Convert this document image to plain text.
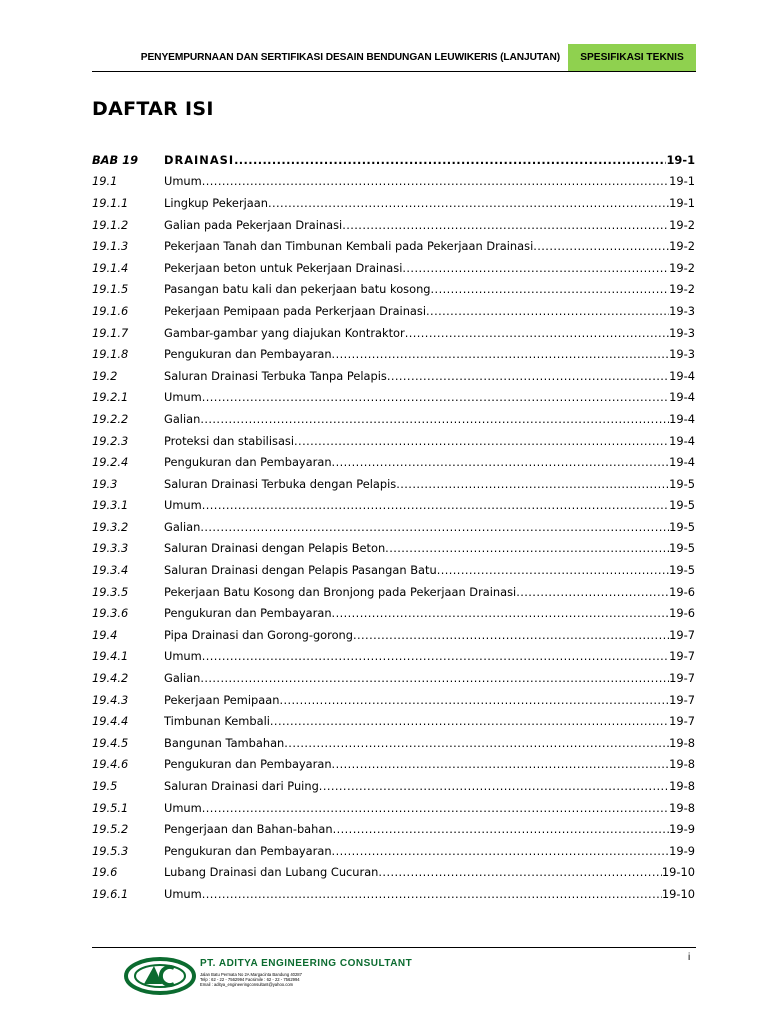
PENYEMPURNAAN DAN SERTIFIKASI DESAIN BENDUNGAN LEUWIKERIS (LANJUTAN)	SPESIFIKASI TEKNIS
DAFTAR ISI
BAB 19	DRAINASI .....	19-1
19.1	Umum .....	19-1
19.1.1	Lingkup Pekerjaan .....	19-1
19.1.2	Galian pada Pekerjaan Drainasi .....	19-2
19.1.3	Pekerjaan Tanah dan Timbunan Kembali pada Pekerjaan Drainasi .....	19-2
19.1.4	Pekerjaan beton untuk Pekerjaan Drainasi .....	19-2
19.1.5	Pasangan batu kali dan pekerjaan batu kosong .....	19-2
19.1.6	Pekerjaan Pemipaan pada Perkerjaan Drainasi .....	19-3
19.1.7	Gambar-gambar yang diajukan Kontraktor .....	19-3
19.1.8	Pengukuran dan Pembayaran .....	19-3
19.2	Saluran Drainasi Terbuka Tanpa Pelapis .....	19-4
19.2.1	Umum .....	19-4
19.2.2	Galian .....	19-4
19.2.3	Proteksi dan stabilisasi .....	19-4
19.2.4	Pengukuran dan Pembayaran .....	19-4
19.3	Saluran Drainasi Terbuka dengan Pelapis .....	19-5
19.3.1	Umum .....	19-5
19.3.2	Galian .....	19-5
19.3.3	Saluran Drainasi dengan Pelapis Beton .....	19-5
19.3.4	Saluran Drainasi dengan Pelapis Pasangan Batu .....	19-5
19.3.5	Pekerjaan Batu Kosong dan Bronjong pada Pekerjaan Drainasi .....	19-6
19.3.6	Pengukuran dan Pembayaran .....	19-6
19.4	Pipa Drainasi dan Gorong-gorong .....	19-7
19.4.1	Umum .....	19-7
19.4.2	Galian .....	19-7
19.4.3	Pekerjaan Pemipaan .....	19-7
19.4.4	Timbunan Kembali .....	19-7
19.4.5	Bangunan Tambahan .....	19-8
19.4.6	Pengukuran dan Pembayaran .....	19-8
19.5	Saluran Drainasi dari Puing .....	19-8
19.5.1	Umum .....	19-8
19.5.2	Pengerjaan dan Bahan-bahan .....	19-9
19.5.3	Pengukuran dan Pembayaran .....	19-9
19.6	Lubang Drainasi dan Lubang Cucuran .....	19-10
19.6.1	Umum .....	19-10
i
PT. ADITYA ENGINEERING CONSULTANT
Jalan Batu Permata No 2A Margacinta Bandung 40287
Telp : 62 - 22 - 7562994 Facsimile : 62 - 22 - 7562994
Email : aditya_engineeringconsultant@yahoo.com
